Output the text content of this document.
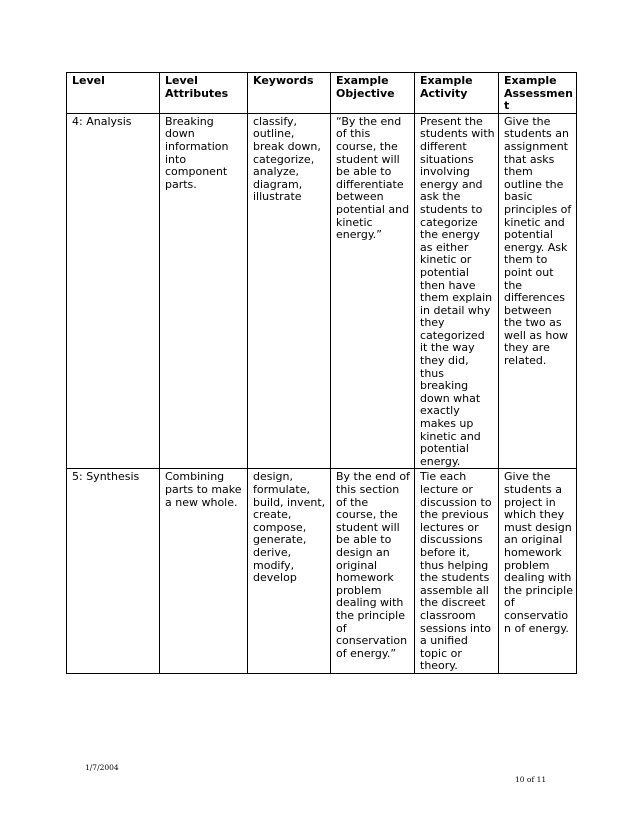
Level	Level Attributes	Keywords	Example Objective	Example Activity	Example Assessment
4: Analysis	Breaking down information into component parts.	classify, outline, break down, categorize, analyze, diagram, illustrate	“By the end of this course, the student will be able to differentiate between potential and kinetic energy.”	Present the students with different situations involving energy and ask the students to categorize the energy as either kinetic or potential then have them explain in detail why they categorized it the way they did, thus breaking down what exactly makes up kinetic and potential energy.	Give the students an assignment that asks them outline the basic principles of kinetic and potential energy. Ask them to point out the differences between the two as well as how they are related.
5: Synthesis	Combining parts to make a new whole.	design, formulate, build, invent, create, compose, generate, derive, modify, develop	By the end of this section of the course, the student will be able to design an original homework problem dealing with the principle of conservation of energy.”	Tie each lecture or discussion to the previous lectures or discussions before it, thus helping the students assemble all the discreet classroom sessions into a unified topic or theory.	Give the students a project in which they must design an original homework problem dealing with the principle of conservation of energy.
1/7/2004
10 of 11
